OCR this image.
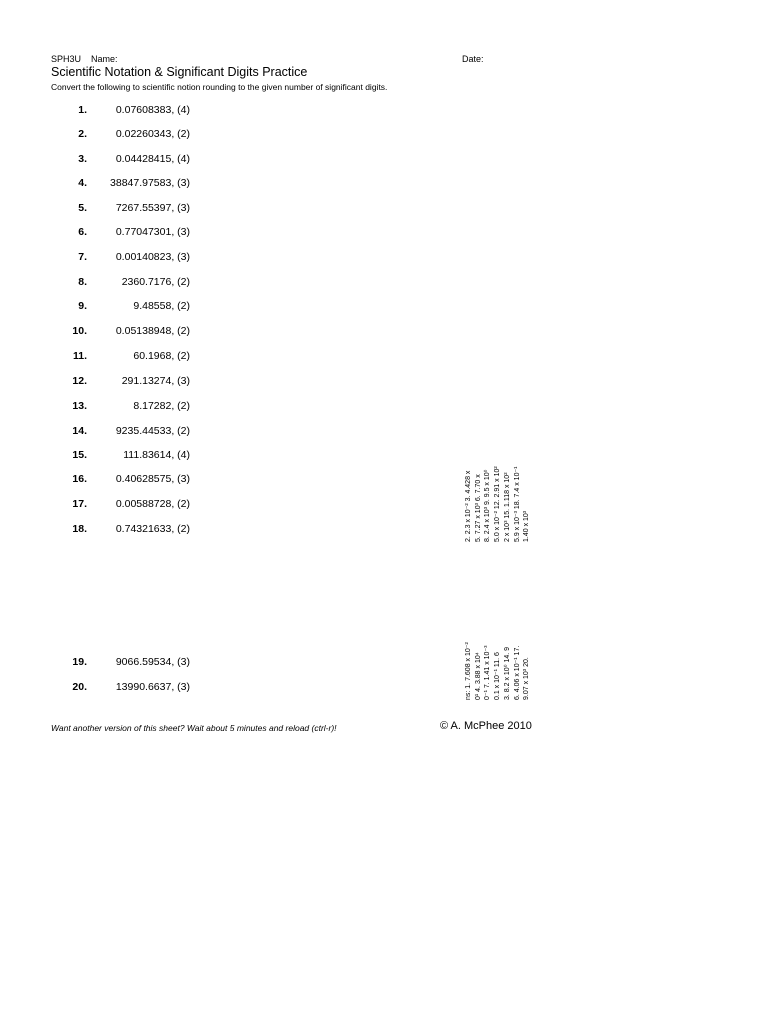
SPH3U Name:	Date:
Scientific Notation & Significant Digits Practice
Convert the following to scientific notion rounding to the given number of significant digits.
1.	0.07608383, (4)
2.	0.02260343, (2)
3.	0.04428415, (4)
4.	38847.97583, (3)
5.	7267.55397, (3)
6.	0.77047301, (3)
7.	0.00140823, (3)
8.	2360.7176, (2)
9.	9.48558, (2)
10.	0.05138948, (2)
11.	60.1968, (2)
12.	291.13274, (3)
13.	8.17282, (2)
14.	9235.44533, (2)
15.	111.83614, (4)
16.	0.40628575, (3)
17.	0.00588728, (2)
18.	0.74321633, (2)
19.	9066.59534, (3)
20.	13990.6637, (3)
2. 2.3 x 10⁻² 3. 4.428 x 5. 7.27 x 10³ 6. 7.70 x 8. 2.4 x 10³ 9. 9.5 x 10⁰ 5.0 x 10⁻² 12. 2.91 x 10² 2 x 10³ 15. 1.118 x 10² 5.9 x 10⁻³ 18. 7.4 x 10⁻¹ 1.40 x 10³
ns: 1. 7.608 x 10⁻² 0¹ 4. 3.88 x 10⁴ 0⁻¹ 7. 1.41 x 10⁻³ 0.1 x 10⁻¹ 11. 6 3. 8.2 x 10⁰ 14. 9 6. 4.06 x 10⁻¹ 17. 9.07 x 10³ 20.
Want another version of this sheet? Wait about 5 minutes and reload (ctrl-r)!	© A. McPhee 2010
